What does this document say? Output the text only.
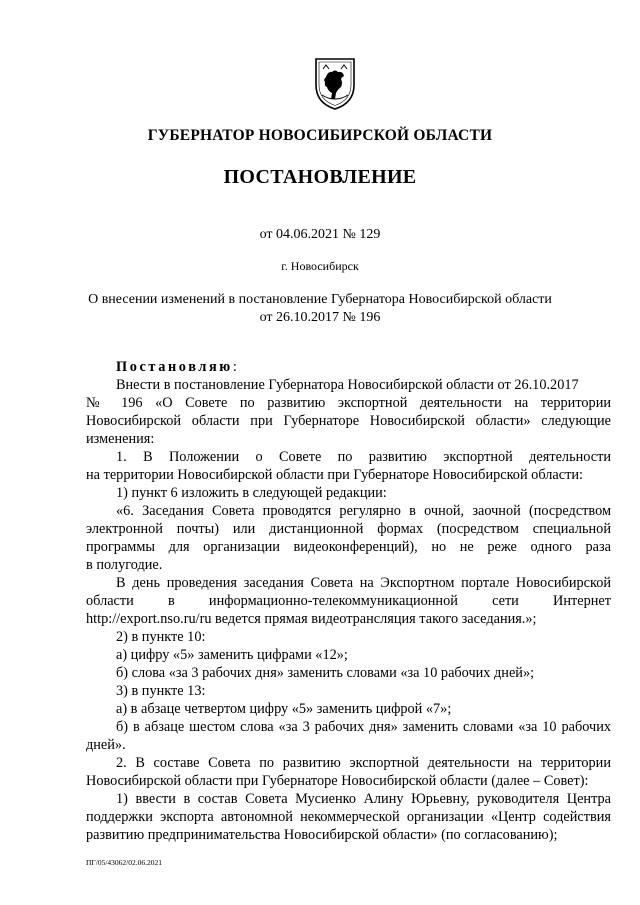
ГУБЕРНАТОР НОВОСИБИРСКОЙ ОБЛАСТИ
ПОСТАНОВЛЕНИЕ
от 04.06.2021 № 129
г. Новосибирск
О внесении изменений в постановление Губернатора Новосибирской области
от 26.10.2017 № 196

Постановляю:

Внести в постановление Губернатора Новосибирской области от 26.10.2017

№ 196 «О Совете по развитию экспортной деятельности на территории

Новосибирской области при Губернаторе Новосибирской области» следующие

изменения:

1. В Положении о Совете по развитию экспортной деятельности

на территории Новосибирской области при Губернаторе Новосибирской области:

1) пункт 6 изложить в следующей редакции:

«6. Заседания Совета проводятся регулярно в очной, заочной (посредством

электронной почты) или дистанционной формах (посредством специальной

программы для организации видеоконференций), но не реже одного раза

в полугодие.

В день проведения заседания Совета на Экспортном портале Новосибирской

области в информационно-телекоммуникационной сети Интернет

http://export.nso.ru/ru ведется прямая видеотрансляция такого заседания.»;

2) в пункте 10:

а) цифру «5» заменить цифрами «12»;

б) слова «за 3 рабочих дня» заменить словами «за 10 рабочих дней»;

3) в пункте 13:

а) в абзаце четвертом цифру «5» заменить цифрой «7»;

б) в абзаце шестом слова «за 3 рабочих дня» заменить словами «за 10 рабочих

дней».

2. В составе Совета по развитию экспортной деятельности на территории

Новосибирской области при Губернаторе Новосибирской области (далее – Совет):

1) ввести в состав Совета Мусиенко Алину Юрьевну, руководителя Центра

поддержки экспорта автономной некоммерческой организации «Центр содействия

развитию предпринимательства Новосибирской области» (по согласованию);

ПГ/05/43062/02.06.2021
